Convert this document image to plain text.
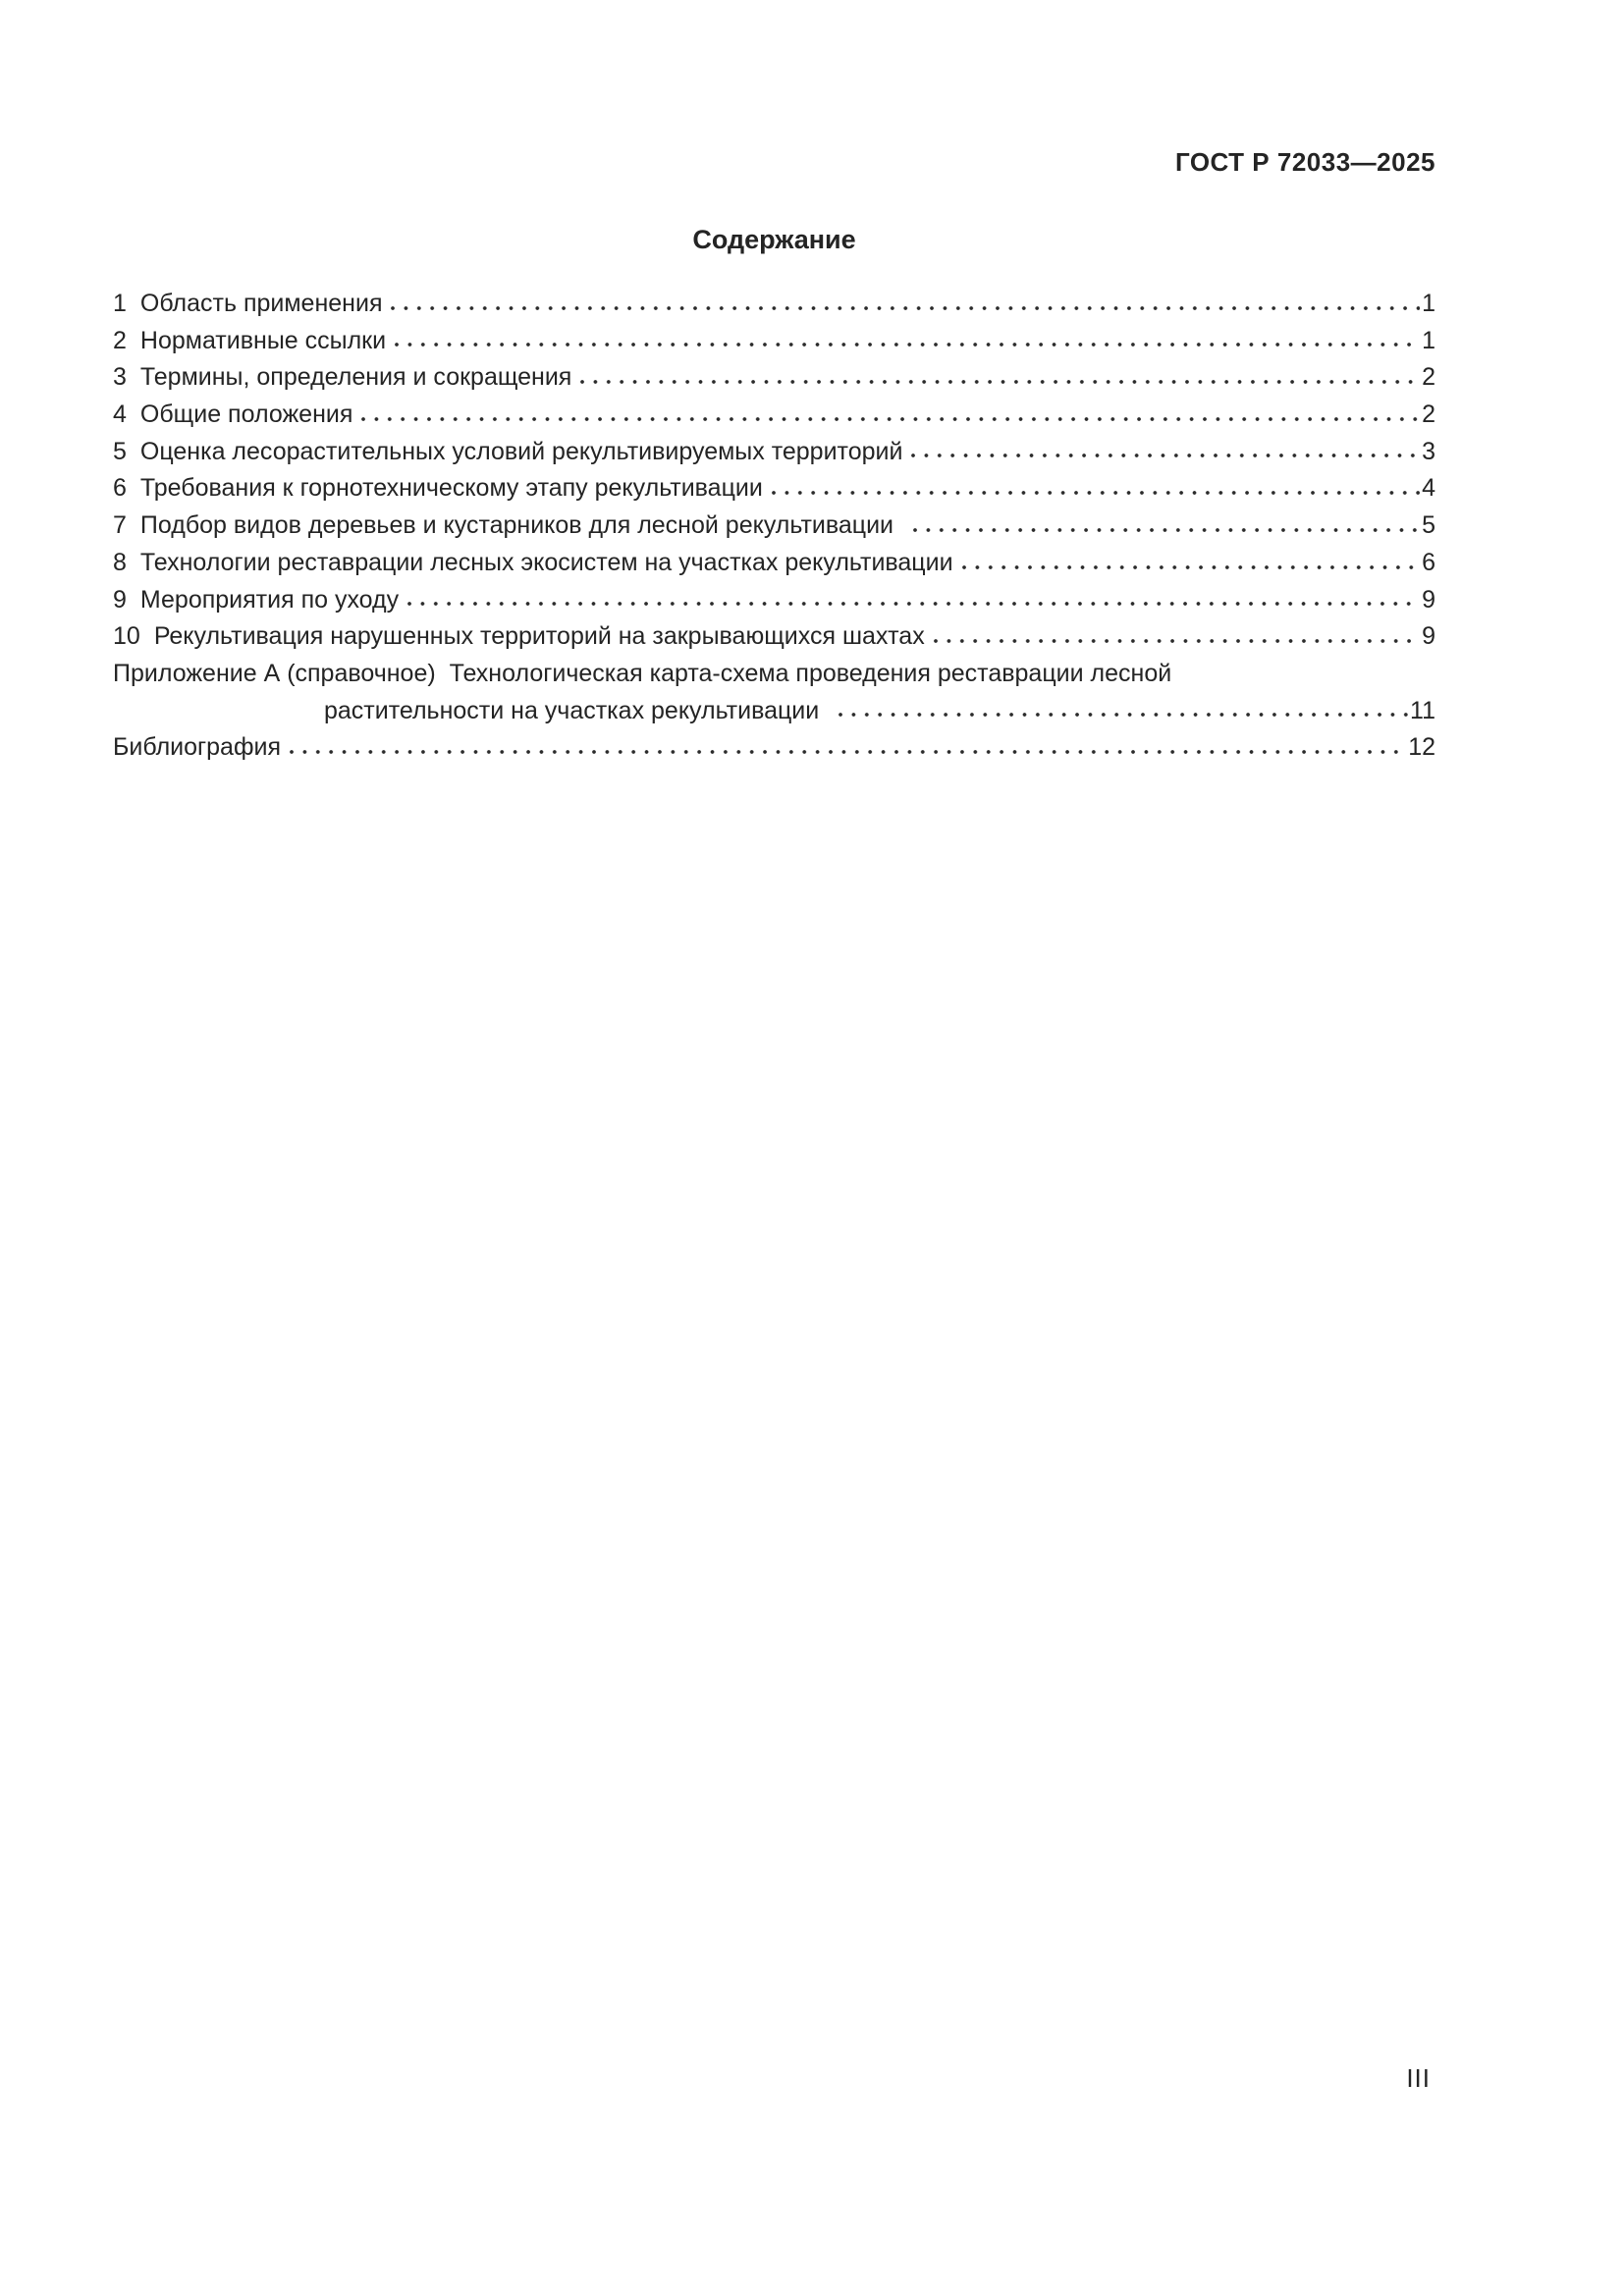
ГОСТ Р 72033—2025
Содержание
1 Область применения	1
2 Нормативные ссылки	1
3 Термины, определения и сокращения	2
4 Общие положения	2
5 Оценка лесорастительных условий рекультивируемых территорий	3
6 Требования к горнотехническому этапу рекультивации	4
7 Подбор видов деревьев и кустарников для лесной рекультивации	5
8 Технологии реставрации лесных экосистем на участках рекультивации	6
9 Мероприятия по уходу	9
10 Рекультивация нарушенных территорий на закрывающихся шахтах	9
Приложение А (справочное)  Технологическая карта-схема проведения реставрации лесной
растительности на участках рекультивации	11
Библиография	12
III
